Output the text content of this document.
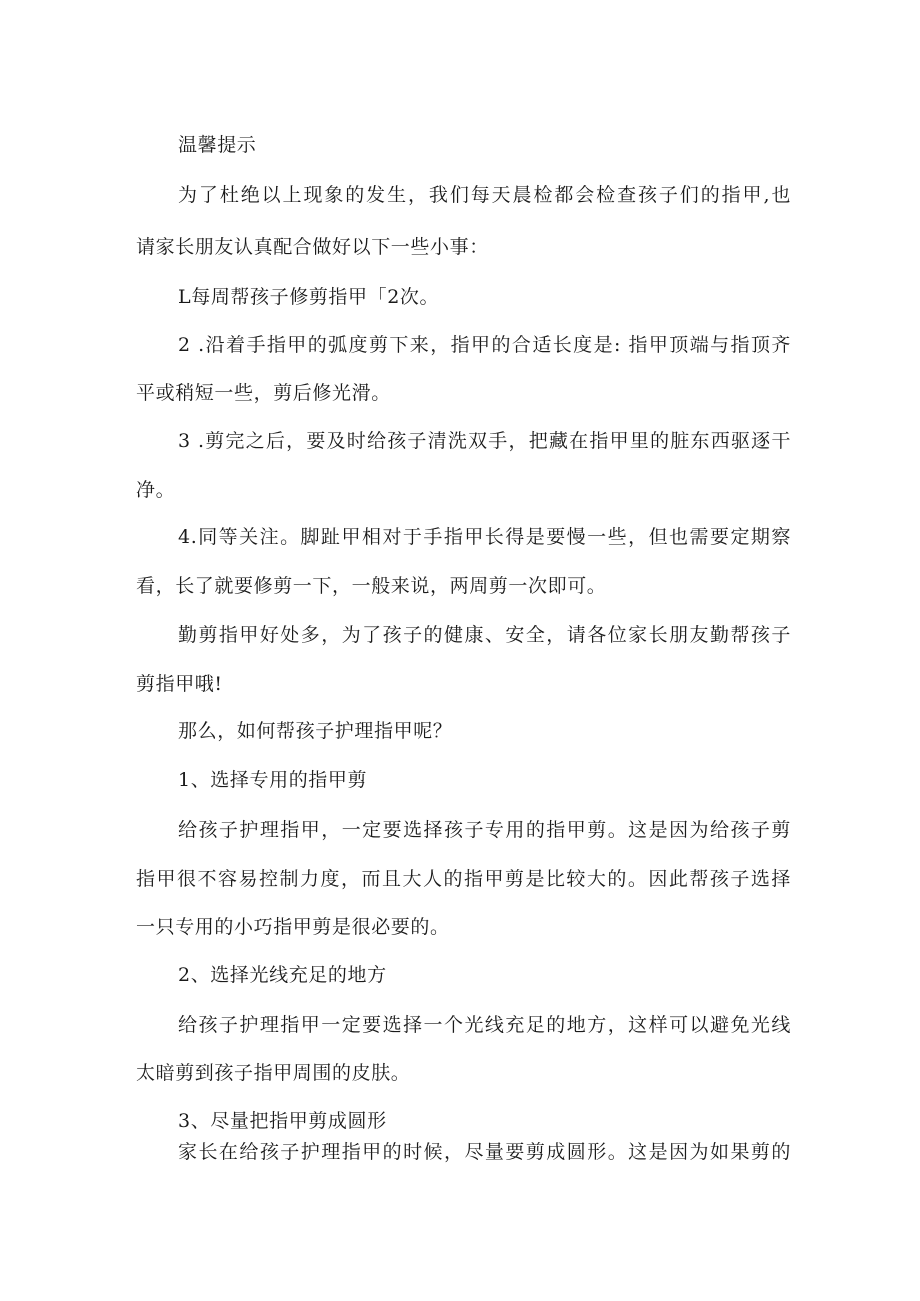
温馨提示
为了杜绝以上现象的发生，我们每天晨检都会检查孩子们的指甲,也
请家长朋友认真配合做好以下一些小事：
L每周帮孩子修剪指甲「2次。
2 .沿着手指甲的弧度剪下来，指甲的合适长度是: 指甲顶端与指顶齐
平或稍短一些，剪后修光滑。
3 .剪完之后，要及时给孩子清洗双手，把藏在指甲里的脏东西驱逐干
净。
4.同等关注。脚趾甲相对于手指甲长得是要慢一些，但也需要定期察
看，长了就要修剪一下，一般来说，两周剪一次即可。
勤剪指甲好处多，为了孩子的健康、安全，请各位家长朋友勤帮孩子
剪指甲哦!
那么，如何帮孩子护理指甲呢？
1、选择专用的指甲剪
给孩子护理指甲，一定要选择孩子专用的指甲剪。这是因为给孩子剪
指甲很不容易控制力度，而且大人的指甲剪是比较大的。因此帮孩子选择
一只专用的小巧指甲剪是很必要的。
2、选择光线充足的地方
给孩子护理指甲一定要选择一个光线充足的地方，这样可以避免光线
太暗剪到孩子指甲周围的皮肤。
3、尽量把指甲剪成圆形
家长在给孩子护理指甲的时候，尽量要剪成圆形。这是因为如果剪的
